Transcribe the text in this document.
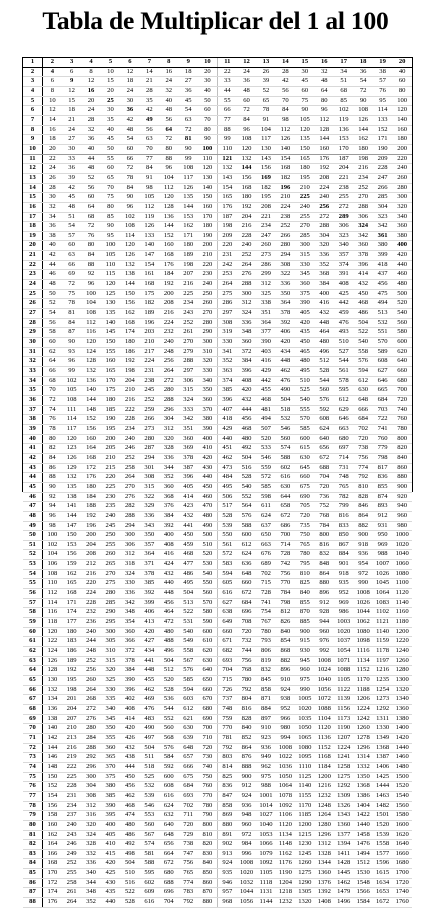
Tabla de Multiplicar del 1 al 100
1	2	3	4	5	6	7	8	9	10	11	12	13	14	15	16	17	18	19	20
2	4	6	8	10	12	14	16	18	20	22	24	26	28	30	32	34	36	38	40
3	6	9	12	15	18	21	24	27	30	33	36	39	42	45	48	51	54	57	60
4	8	12	16	20	24	28	32	36	40	44	48	52	56	60	64	68	72	76	80
5	10	15	20	25	30	35	40	45	50	55	60	65	70	75	80	85	90	95	100
6	12	18	24	30	36	42	48	54	60	66	72	78	84	90	96	102	108	114	120
7	14	21	28	35	42	49	56	63	70	77	84	91	98	105	112	119	126	133	140
8	16	24	32	40	48	56	64	72	80	88	96	104	112	120	128	136	144	152	160
9	18	27	36	45	54	63	72	81	90	99	108	117	126	135	144	153	162	171	180
10	20	30	40	50	60	70	80	90	100	110	120	130	140	150	160	170	180	190	200
11	22	33	44	55	66	77	88	99	110	121	132	143	154	165	176	187	198	209	220
12	24	36	48	60	72	84	96	108	120	132	144	156	168	180	192	204	216	228	240
13	26	39	52	65	78	91	104	117	130	143	156	169	182	195	208	221	234	247	260
14	28	42	56	70	84	98	112	126	140	154	168	182	196	210	224	238	252	266	280
15	30	45	60	75	90	105	120	135	150	165	180	195	210	225	240	255	270	285	300
16	32	48	64	80	96	112	128	144	160	176	192	208	224	240	256	272	288	304	320
17	34	51	68	85	102	119	136	153	170	187	204	221	238	255	272	289	306	323	340
18	36	54	72	90	108	126	144	162	180	198	216	234	252	270	288	306	324	342	360
19	38	57	76	95	114	133	152	171	190	209	228	247	266	285	304	323	342	361	380
20	40	60	80	100	120	140	160	180	200	220	240	260	280	300	320	340	360	380	400
21	42	63	84	105	126	147	168	189	210	231	252	273	294	315	336	357	378	399	420
22	44	66	88	110	132	154	176	198	220	242	264	286	308	330	352	374	396	418	440
23	46	69	92	115	138	161	184	207	230	253	276	299	322	345	368	391	414	437	460
24	48	72	96	120	144	168	192	216	240	264	288	312	336	360	384	408	432	456	480
25	50	75	100	125	150	175	200	225	250	275	300	325	350	375	400	425	450	475	500
26	52	78	104	130	156	182	208	234	260	286	312	338	364	390	416	442	468	494	520
27	54	81	108	135	162	189	216	243	270	297	324	351	378	405	432	459	486	513	540
28	56	84	112	140	168	196	224	252	280	308	336	364	392	420	448	476	504	532	560
29	58	87	116	145	174	203	232	261	290	319	348	377	406	435	464	493	522	551	580
30	60	90	120	150	180	210	240	270	300	330	360	390	420	450	480	510	540	570	600
31	62	93	124	155	186	217	248	279	310	341	372	403	434	465	496	527	558	589	620
32	64	96	128	160	192	224	256	288	320	352	384	416	448	480	512	544	576	608	640
33	66	99	132	165	198	231	264	297	330	363	396	429	462	495	528	561	594	627	660
34	68	102	136	170	204	238	272	306	340	374	408	442	476	510	544	578	612	646	680
35	70	105	140	175	210	245	280	315	350	385	420	455	490	525	560	595	630	665	700
36	72	108	144	180	216	252	288	324	360	396	432	468	504	540	576	612	648	684	720
37	74	111	148	185	222	259	296	333	370	407	444	481	518	555	592	629	666	703	740
38	76	114	152	190	228	266	304	342	380	418	456	494	532	570	608	646	684	722	760
39	78	117	156	195	234	273	312	351	390	429	468	507	546	585	624	663	702	741	780
40	80	120	160	200	240	280	320	360	400	440	480	520	560	600	640	680	720	760	800
41	82	123	164	205	246	287	328	369	410	451	492	533	574	615	656	697	738	779	820
42	84	126	168	210	252	294	336	378	420	462	504	546	588	630	672	714	756	798	840
43	86	129	172	215	258	301	344	387	430	473	516	559	602	645	688	731	774	817	860
44	88	132	176	220	264	308	352	396	440	484	528	572	616	660	704	748	792	836	880
45	90	135	180	225	270	315	360	405	450	495	540	585	630	675	720	765	810	855	900
46	92	138	184	230	276	322	368	414	460	506	552	598	644	690	736	782	828	874	920
47	94	141	188	235	282	329	376	423	470	517	564	611	658	705	752	799	846	893	940
48	96	144	192	240	288	336	384	432	480	528	576	624	672	720	768	816	864	912	960
49	98	147	196	245	294	343	392	441	490	539	588	637	686	735	784	833	882	931	980
50	100	150	200	250	300	350	400	450	500	550	600	650	700	750	800	850	900	950	1000
51	102	153	204	255	306	357	408	459	510	561	612	663	714	765	816	867	918	969	1020
52	104	156	208	260	312	364	416	468	520	572	624	676	728	780	832	884	936	988	1040
53	106	159	212	265	318	371	424	477	530	583	636	689	742	795	848	901	954	1007	1060
54	108	162	216	270	324	378	432	486	540	594	648	702	756	810	864	918	972	1026	1080
55	110	165	220	275	330	385	440	495	550	605	660	715	770	825	880	935	990	1045	1100
56	112	168	224	280	336	392	448	504	560	616	672	728	784	840	896	952	1008	1064	1120
57	114	171	228	285	342	399	456	513	570	627	684	741	798	855	912	969	1026	1083	1140
58	116	174	232	290	348	406	464	522	580	638	696	754	812	870	928	986	1044	1102	1160
59	118	177	236	295	354	413	472	531	590	649	708	767	826	885	944	1003	1062	1121	1180
60	120	180	240	300	360	420	480	540	600	660	720	780	840	900	960	1020	1080	1140	1200
61	122	183	244	305	366	427	488	549	610	671	732	793	854	915	976	1037	1098	1159	1220
62	124	186	248	310	372	434	496	558	620	682	744	806	868	930	992	1054	1116	1178	1240
63	126	189	252	315	378	441	504	567	630	693	756	819	882	945	1008	1071	1134	1197	1260
64	128	192	256	320	384	448	512	576	640	704	768	832	896	960	1024	1088	1152	1216	1280
65	130	195	260	325	390	455	520	585	650	715	780	845	910	975	1040	1105	1170	1235	1300
66	132	198	264	330	396	462	528	594	660	726	792	858	924	990	1056	1122	1188	1254	1320
67	134	201	268	335	402	469	536	603	670	737	804	871	938	1005	1072	1139	1206	1273	1340
68	136	204	272	340	408	476	544	612	680	748	816	884	952	1020	1088	1156	1224	1292	1360
69	138	207	276	345	414	483	552	621	690	759	828	897	966	1035	1104	1173	1242	1311	1380
70	140	210	280	350	420	490	560	630	700	770	840	910	980	1050	1120	1190	1260	1330	1400
71	142	213	284	355	426	497	568	639	710	781	852	923	994	1065	1136	1207	1278	1349	1420
72	144	216	288	360	432	504	576	648	720	792	864	936	1008	1080	1152	1224	1296	1368	1440
73	146	219	292	365	438	511	584	657	730	803	876	949	1022	1095	1168	1241	1314	1387	1460
74	148	222	296	370	444	518	592	666	740	814	888	962	1036	1110	1184	1258	1332	1406	1480
75	150	225	300	375	450	525	600	675	750	825	900	975	1050	1125	1200	1275	1350	1425	1500
76	152	228	304	380	456	532	608	684	760	836	912	988	1064	1140	1216	1292	1368	1444	1520
77	154	231	308	385	462	539	616	693	770	847	924	1001	1078	1155	1232	1309	1386	1463	1540
78	156	234	312	390	468	546	624	702	780	858	936	1014	1092	1170	1248	1326	1404	1482	1560
79	158	237	316	395	474	553	632	711	790	869	948	1027	1106	1185	1264	1343	1422	1501	1580
80	160	240	320	400	480	560	640	720	800	880	960	1040	1120	1200	1280	1360	1440	1520	1600
81	162	243	324	405	486	567	648	729	810	891	972	1053	1134	1215	1296	1377	1458	1539	1620
82	164	246	328	410	492	574	656	738	820	902	984	1066	1148	1230	1312	1394	1476	1558	1640
83	166	249	332	415	498	581	664	747	830	913	996	1079	1162	1245	1328	1411	1494	1577	1660
84	168	252	336	420	504	588	672	756	840	924	1008	1092	1176	1260	1344	1428	1512	1596	1680
85	170	255	340	425	510	595	680	765	850	935	1020	1105	1190	1275	1360	1445	1530	1615	1700
86	172	258	344	430	516	602	688	774	860	946	1032	1118	1204	1290	1376	1462	1548	1634	1720
87	174	261	348	435	522	609	696	783	870	957	1044	1131	1218	1305	1392	1479	1566	1653	1740
88	176	264	352	440	528	616	704	792	880	968	1056	1144	1232	1320	1408	1496	1584	1672	1760
